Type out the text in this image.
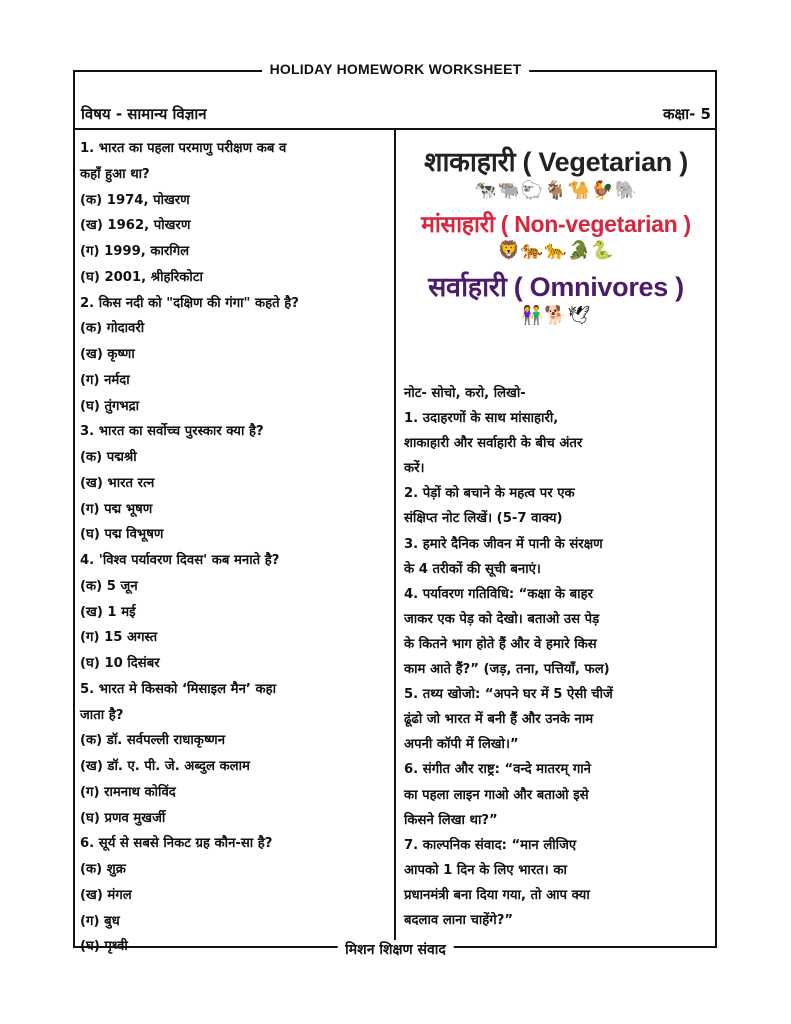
HOLIDAY HOMEWORK WORKSHEET
विषय - सामान्य विज्ञान	कक्षा- 5
1. भारत का पहला परमाणु परीक्षण कब व
कहाँ हुआ था?
(क) 1974, पोखरण
(ख) 1962, पोखरण
(ग) 1999, कारगिल
(घ) 2001, श्रीहरिकोटा
2. किस नदी को "दक्षिण की गंगा" कहते है?
(क) गोदावरी
(ख) कृष्णा
(ग) नर्मदा
(घ) तुंगभद्रा
3. भारत का सर्वोच्च पुरस्कार क्या है?
(क) पद्मश्री
(ख) भारत रत्न
(ग) पद्म भूषण
(घ) पद्म विभूषण
4. 'विश्व पर्यावरण दिवस' कब मनाते है?
(क) 5 जून
(ख) 1 मई
(ग) 15 अगस्त
(घ) 10 दिसंबर
5. भारत मे किसको ‘मिसाइल मैन’ कहा
जाता है?
(क) डॉ. सर्वपल्ली राधाकृष्णन
(ख) डॉ. ए. पी. जे. अब्दुल कलाम
(ग) रामनाथ कोविंद
(घ) प्रणव मुखर्जी
6. सूर्य से सबसे निकट ग्रह कौन-सा है?
(क) शुक्र
(ख) मंगल
(ग) बुध
(घ) पृथ्वी
शाकाहारी ( Vegetarian )
🐄🐃🐑🐐🐪🐓🐘
मांसाहारी ( Non-vegetarian )
🦁🐅🐆🐊🐍
सर्वाहारी ( Omnivores )
👫🐕🕊
नोट- सोचो, करो, लिखो-
1. उदाहरणों के साथ मांसाहारी,
शाकाहारी और सर्वाहारी के बीच अंतर
करें।
2. पेड़ों को बचाने के महत्व पर एक
संक्षिप्त नोट लिखें। (5-7 वाक्य)
3. हमारे दैनिक जीवन में पानी के संरक्षण
के 4 तरीकों की सूची बनाएं।
4. पर्यावरण गतिविधि: “कक्षा के बाहर
जाकर एक पेड़ को देखो। बताओ उस पेड़
के कितने भाग होते हैं और वे हमारे किस
काम आते हैं?” (जड़, तना, पत्तियाँ, फल)
5. तथ्य खोजो: “अपने घर में 5 ऐसी चीजें
ढूंढो जो भारत में बनी हैं और उनके नाम
अपनी कॉपी में लिखो।”
6. संगीत और राष्ट्र: “वन्दे मातरम् गाने
का पहला लाइन गाओ और बताओ इसे
किसने लिखा था?”
7. काल्पनिक संवाद: “मान लीजिए
आपको 1 दिन के लिए भारत। का
प्रधानमंत्री बना दिया गया, तो आप क्या
बदलाव लाना चाहेंगे?”
मिशन शिक्षण संवाद
